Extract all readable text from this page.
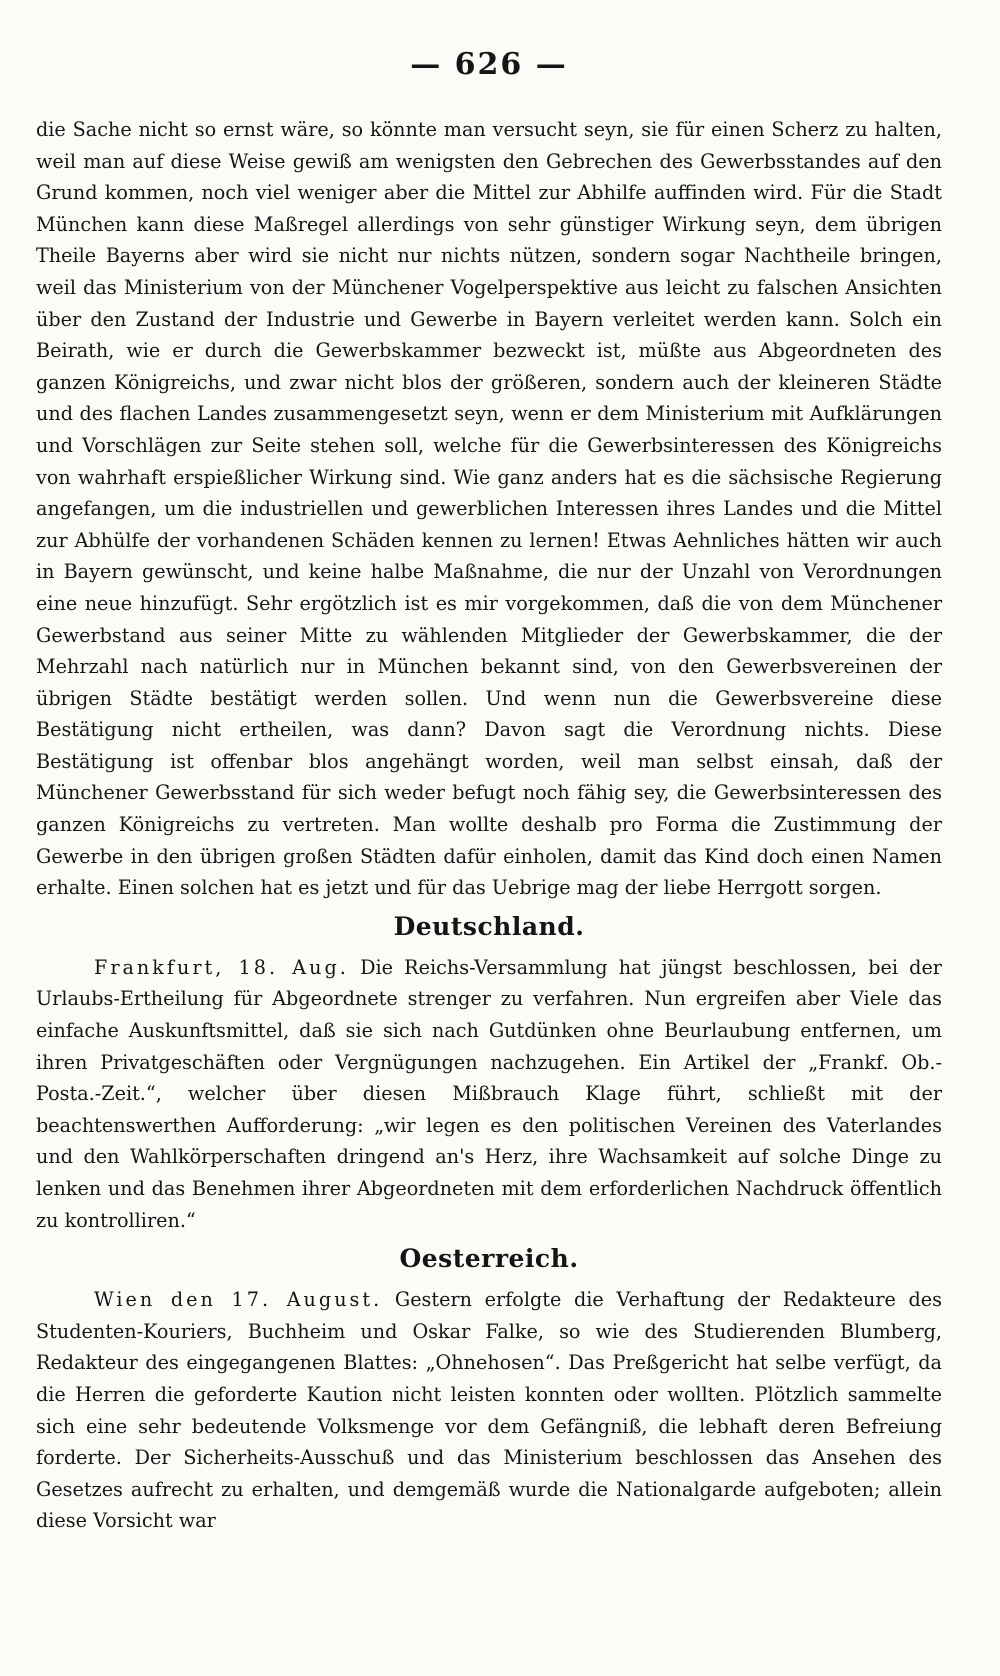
— 626 —

die Sache nicht so ernst wäre, so könnte man versucht seyn, sie für einen Scherz zu halten, weil man auf diese Weise gewiß am wenigsten den Gebrechen des Gewerbsstandes auf den Grund kommen, noch viel weniger aber die Mittel zur Abhilfe auffinden wird. Für die Stadt München kann diese Maßregel allerdings von sehr günstiger Wirkung seyn, dem übrigen Theile Bayerns aber wird sie nicht nur nichts nützen, sondern sogar Nachtheile bringen, weil das Ministerium von der Münchener Vogelperspektive aus leicht zu falschen Ansichten über den Zustand der Industrie und Gewerbe in Bayern verleitet werden kann. Solch ein Beirath, wie er durch die Gewerbskammer bezweckt ist, müßte aus Abgeordneten des ganzen Königreichs, und zwar nicht blos der größeren, sondern auch der kleineren Städte und des flachen Landes zusammengesetzt seyn, wenn er dem Ministerium mit Aufklärungen und Vorschlägen zur Seite stehen soll, welche für die Gewerbsinteressen des Königreichs von wahrhaft erspießlicher Wirkung sind. Wie ganz anders hat es die sächsische Regierung angefangen, um die industriellen und gewerblichen Interessen ihres Landes und die Mittel zur Abhülfe der vorhandenen Schäden kennen zu lernen! Etwas Aehnliches hätten wir auch in Bayern gewünscht, und keine halbe Maßnahme, die nur der Unzahl von Verordnungen eine neue hinzufügt. Sehr ergötzlich ist es mir vorgekommen, daß die von dem Münchener Gewerbstand aus seiner Mitte zu wählenden Mitglieder der Gewerbskammer, die der Mehrzahl nach natürlich nur in München bekannt sind, von den Gewerbsvereinen der übrigen Städte bestätigt werden sollen. Und wenn nun die Gewerbsvereine diese Bestätigung nicht ertheilen, was dann? Davon sagt die Verordnung nichts. Diese Bestätigung ist offenbar blos angehängt worden, weil man selbst einsah, daß der Münchener Gewerbsstand für sich weder befugt noch fähig sey, die Gewerbsinteressen des ganzen Königreichs zu vertreten. Man wollte deshalb pro Forma die Zustimmung der Gewerbe in den übrigen großen Städten dafür einholen, damit das Kind doch einen Namen erhalte. Einen solchen hat es jetzt und für das Uebrige mag der liebe Herrgott sorgen.

Deutschland.

Frankfurt, 18. Aug. Die Reichs-Versammlung hat jüngst beschlossen, bei der Urlaubs-Ertheilung für Abgeordnete strenger zu verfahren. Nun ergreifen aber Viele das einfache Auskunftsmittel, daß sie sich nach Gutdünken ohne Beurlaubung entfernen, um ihren Privatgeschäften oder Vergnügungen nachzugehen. Ein Artikel der „Frankf. Ob.-Posta.-Zeit.“, welcher über diesen Mißbrauch Klage führt, schließt mit der beachtenswerthen Aufforderung: „wir legen es den politischen Vereinen des Vaterlandes und den Wahlkörperschaften dringend an's Herz, ihre Wachsamkeit auf solche Dinge zu lenken und das Benehmen ihrer Abgeordneten mit dem erforderlichen Nachdruck öffentlich zu kontrolliren.“

Oesterreich.

Wien den 17. August. Gestern erfolgte die Verhaftung der Redakteure des Studenten-Kouriers, Buchheim und Oskar Falke, so wie des Studierenden Blumberg, Redakteur des eingegangenen Blattes: „Ohnehosen“. Das Preßgericht hat selbe verfügt, da die Herren die geforderte Kaution nicht leisten konnten oder wollten. Plötzlich sammelte sich eine sehr bedeutende Volksmenge vor dem Gefängniß, die lebhaft deren Befreiung forderte. Der Sicherheits-Ausschuß und das Ministerium beschlossen das Ansehen des Gesetzes aufrecht zu erhalten, und demgemäß wurde die Nationalgarde aufgeboten; allein diese Vorsicht war
